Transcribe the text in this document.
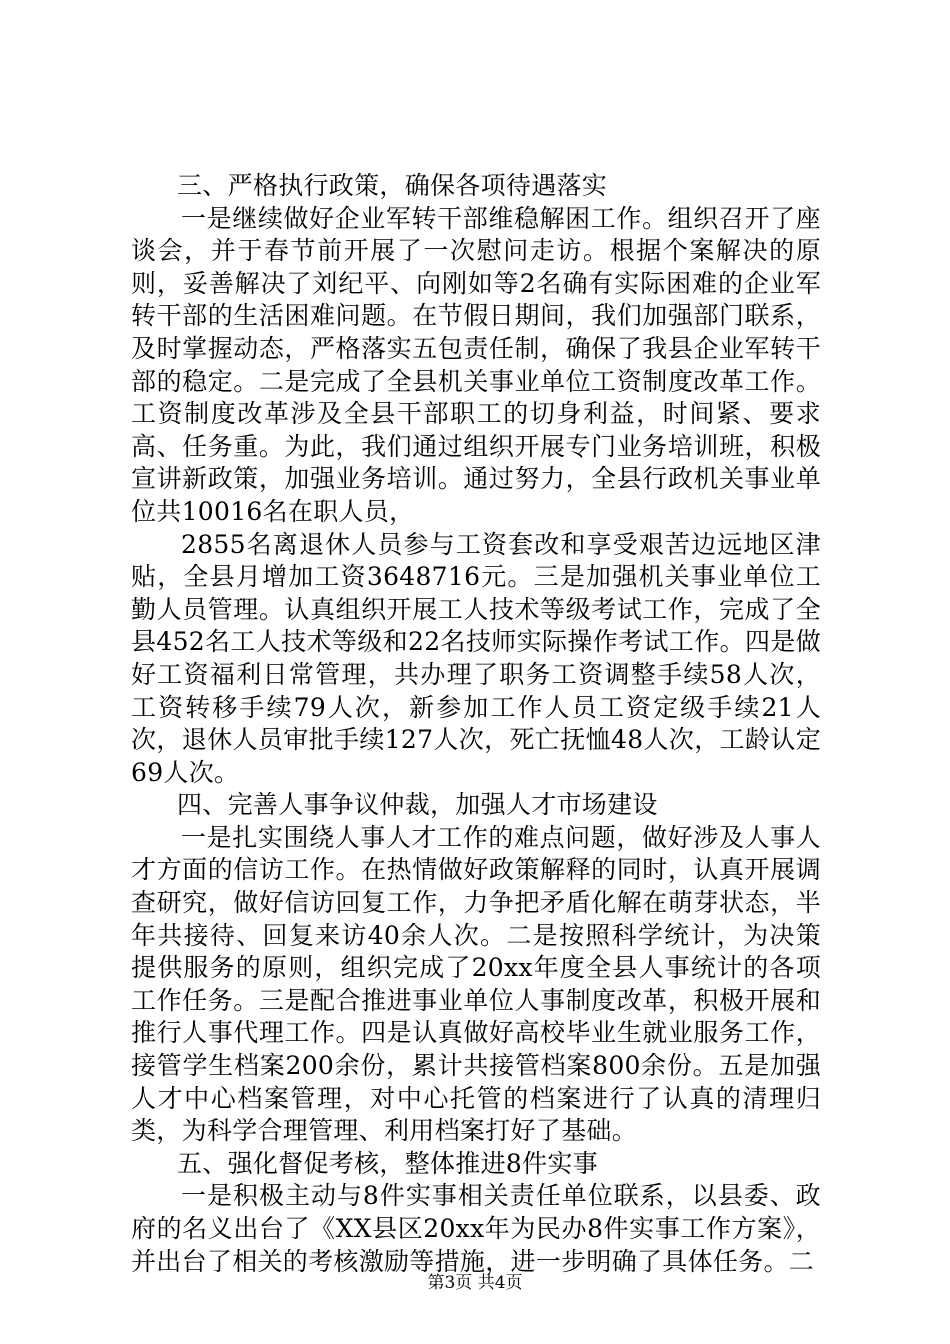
三、严格执行政策，确保各项待遇落实

一是继续做好企业军转干部维稳解困工作。组织召开了座谈会，并于春节前开展了一次慰问走访。根据个案解决的原则，妥善解决了刘纪平、向刚如等2名确有实际困难的企业军转干部的生活困难问题。在节假日期间，我们加强部门联系，及时掌握动态，严格落实五包责任制，确保了我县企业军转干部的稳定。二是完成了全县机关事业单位工资制度改革工作。工资制度改革涉及全县干部职工的切身利益，时间紧、要求高、任务重。为此，我们通过组织开展专门业务培训班，积极宣讲新政策，加强业务培训。通过努力，全县行政机关事业单位共10016名在职人员，

2855名离退休人员参与工资套改和享受艰苦边远地区津贴，全县月增加工资3648716元。三是加强机关事业单位工勤人员管理。认真组织开展工人技术等级考试工作，完成了全县452名工人技术等级和22名技师实际操作考试工作。四是做好工资福利日常管理，共办理了职务工资调整手续58人次，工资转移手续79人次，新参加工作人员工资定级手续21人次，退休人员审批手续127人次，死亡抚恤48人次，工龄认定69人次。

四、完善人事争议仲裁，加强人才市场建设

一是扎实围绕人事人才工作的难点问题，做好涉及人事人才方面的信访工作。在热情做好政策解释的同时，认真开展调查研究，做好信访回复工作，力争把矛盾化解在萌芽状态，半年共接待、回复来访40余人次。二是按照科学统计，为决策提供服务的原则，组织完成了20xx年度全县人事统计的各项工作任务。三是配合推进事业单位人事制度改革，积极开展和推行人事代理工作。四是认真做好高校毕业生就业服务工作，接管学生档案200余份，累计共接管档案800余份。五是加强人才中心档案管理，对中心托管的档案进行了认真的清理归类，为科学合理管理、利用档案打好了基础。

五、强化督促考核，整体推进8件实事

一是积极主动与8件实事相关责任单位联系，以县委、政府的名义出台了《XX县区20xx年为民办8件实事工作方案》，并出台了相关的考核激励等措施，进一步明确了具体任务。二

第3页 共4页
